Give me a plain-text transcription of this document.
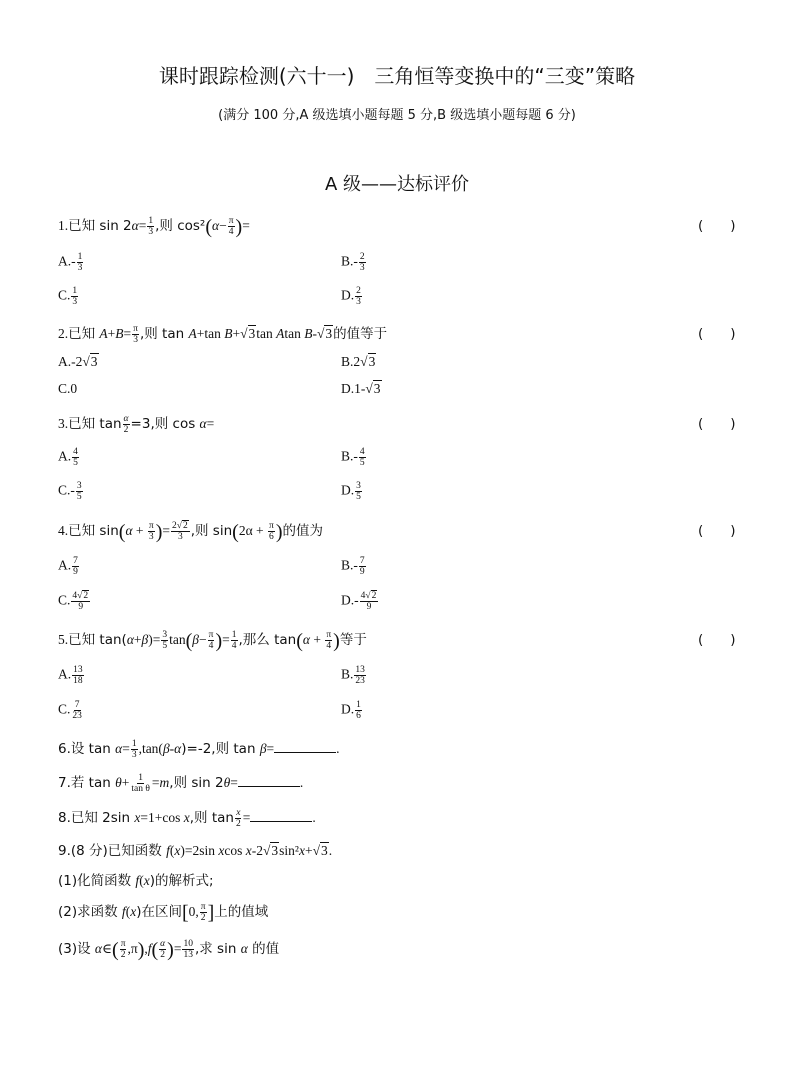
课时跟踪检测(六十一)　三角恒等变换中的“三变”策略
(满分 100 分,A 级选填小题每题 5 分,B 级选填小题每题 6 分)
A 级——达标评价
1.已知 $\sin 2\alpha= \frac{1}{3}$ ,则 $\cos^2(\alpha- \frac{\pi}{4}$ )=	(　　)
$A.- \frac{1}{3}$	$B.- \frac{2}{3}$
C. $\frac{1}{3}$	D. $\frac{2}{3}$
2.已知 $A+B= \frac{\pi}{3}$ ,则 tan A+tan B+√3tan Atan B-√3的值等于	(　　)
A.-2√3	B.2√3
C.0	D.1-√3
3.已知 $\tan \frac{\alpha}{2} =3$,则 cos α=	(　　)
A. $\frac{4}{5}$	$B.- \frac{4}{5}$
$C.- \frac{3}{5}$	D. $\frac{3}{5}$
4.已知 $\sin(\alpha + \frac{\pi}{3}$ )= $\frac{2√2}{3}$ ,则 $\sin(2\alpha + \frac{\pi}{6}$ )的值为	(　　)
A. $\frac{7}{9}$	$B.- \frac{7}{9}$
C. $\frac{4√2}{9}$	$D.- \frac{4√2}{9}$
5.已知 $\tan(\alpha+\beta)= \frac{3}{5} \tan(\beta- \frac{\pi}{4}$ )= $\frac{1}{4}$ ,那么 $\tan(\alpha + \frac{\pi}{4}$ )等于	(　　)
A. $\frac{13}{18}$	B. $\frac{13}{23}$
C. $\frac{7}{23}$	D. $\frac{1}{6}$
6.设 $\tan \alpha= \frac{1}{3} ,\tan(\beta-\alpha)=-2$,则 tan β=	.
7.若 $\tan \theta+ \frac{1}{\text{tan θ}} =m$,则 sin 2θ=	.
8.已知 2sin x=1+cos x,则 $\tan \frac{x}{2}$ =	.
9.(8 分)已知函数 f(x)=2sin xcos x-2√3sin²x+√3.
(1)化简函数 f(x)的解析式;
(2)求函数 f(x)在区间[0, $\frac{\pi}{2}$ ]上的值域
(3)设 α∈( $\frac{\pi}{2} ,\pi),f( \frac{\alpha}{2}$ )= $\frac{10}{13}$ ,求 sin α 的值
